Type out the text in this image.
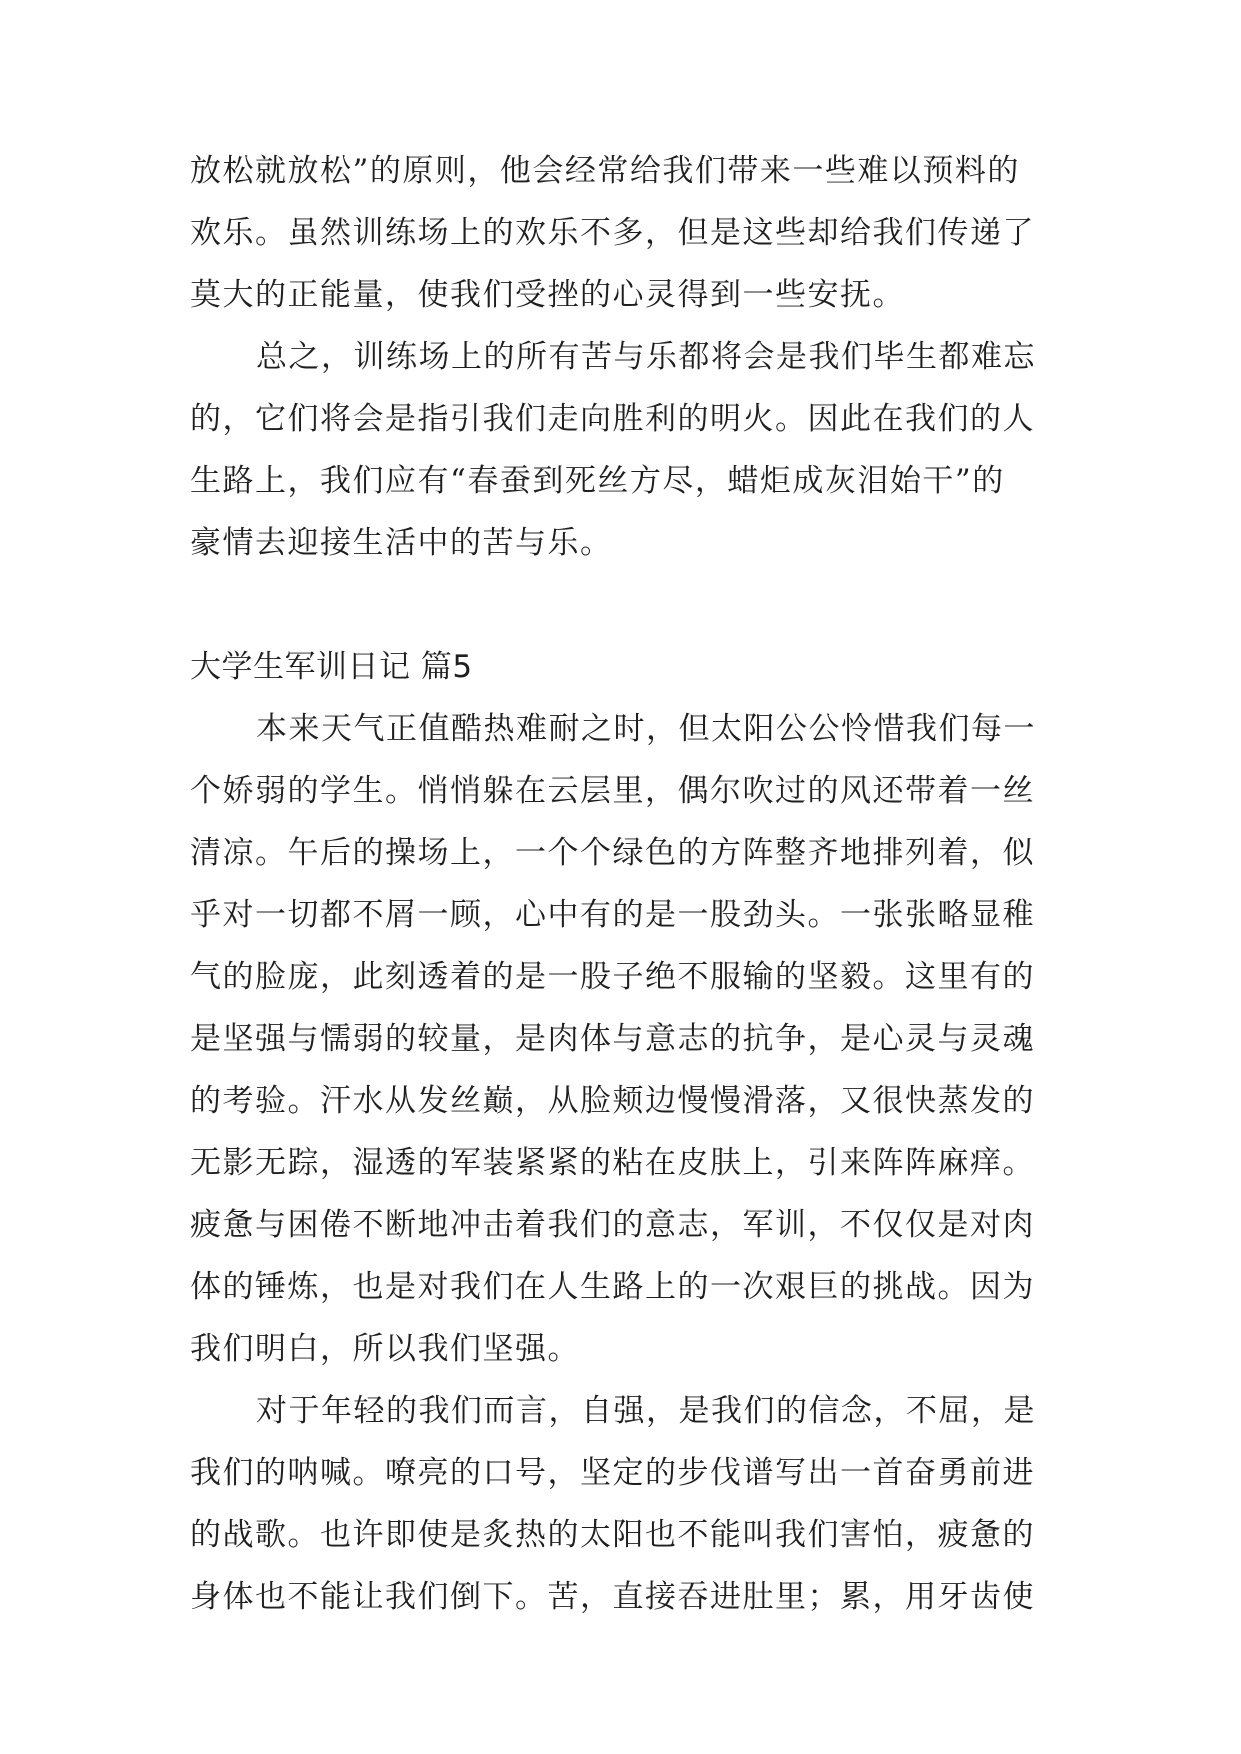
放松就放松”的原则，他会经常给我们带来一些难以预料的
欢乐。虽然训练场上的欢乐不多，但是这些却给我们传递了
莫大的正能量，使我们受挫的心灵得到一些安抚。
总之，训练场上的所有苦与乐都将会是我们毕生都难忘
的，它们将会是指引我们走向胜利的明火。因此在我们的人
生路上，我们应有“春蚕到死丝方尽，蜡炬成灰泪始干”的
豪情去迎接生活中的苦与乐。
大学生军训日记 篇5
本来天气正值酷热难耐之时，但太阳公公怜惜我们每一
个娇弱的学生。悄悄躲在云层里，偶尔吹过的风还带着一丝
清凉。午后的操场上，一个个绿色的方阵整齐地排列着，似
乎对一切都不屑一顾，心中有的是一股劲头。一张张略显稚
气的脸庞，此刻透着的是一股子绝不服输的坚毅。这里有的
是坚强与懦弱的较量，是肉体与意志的抗争，是心灵与灵魂
的考验。汗水从发丝巅，从脸颊边慢慢滑落，又很快蒸发的
无影无踪，湿透的军装紧紧的粘在皮肤上，引来阵阵麻痒。
疲惫与困倦不断地冲击着我们的意志，军训，不仅仅是对肉
体的锤炼，也是对我们在人生路上的一次艰巨的挑战。因为
我们明白，所以我们坚强。
对于年轻的我们而言，自强，是我们的信念，不屈，是
我们的呐喊。嘹亮的口号，坚定的步伐谱写出一首奋勇前进
的战歌。也许即使是炙热的太阳也不能叫我们害怕，疲惫的
身体也不能让我们倒下。苦，直接吞进肚里；累，用牙齿使
